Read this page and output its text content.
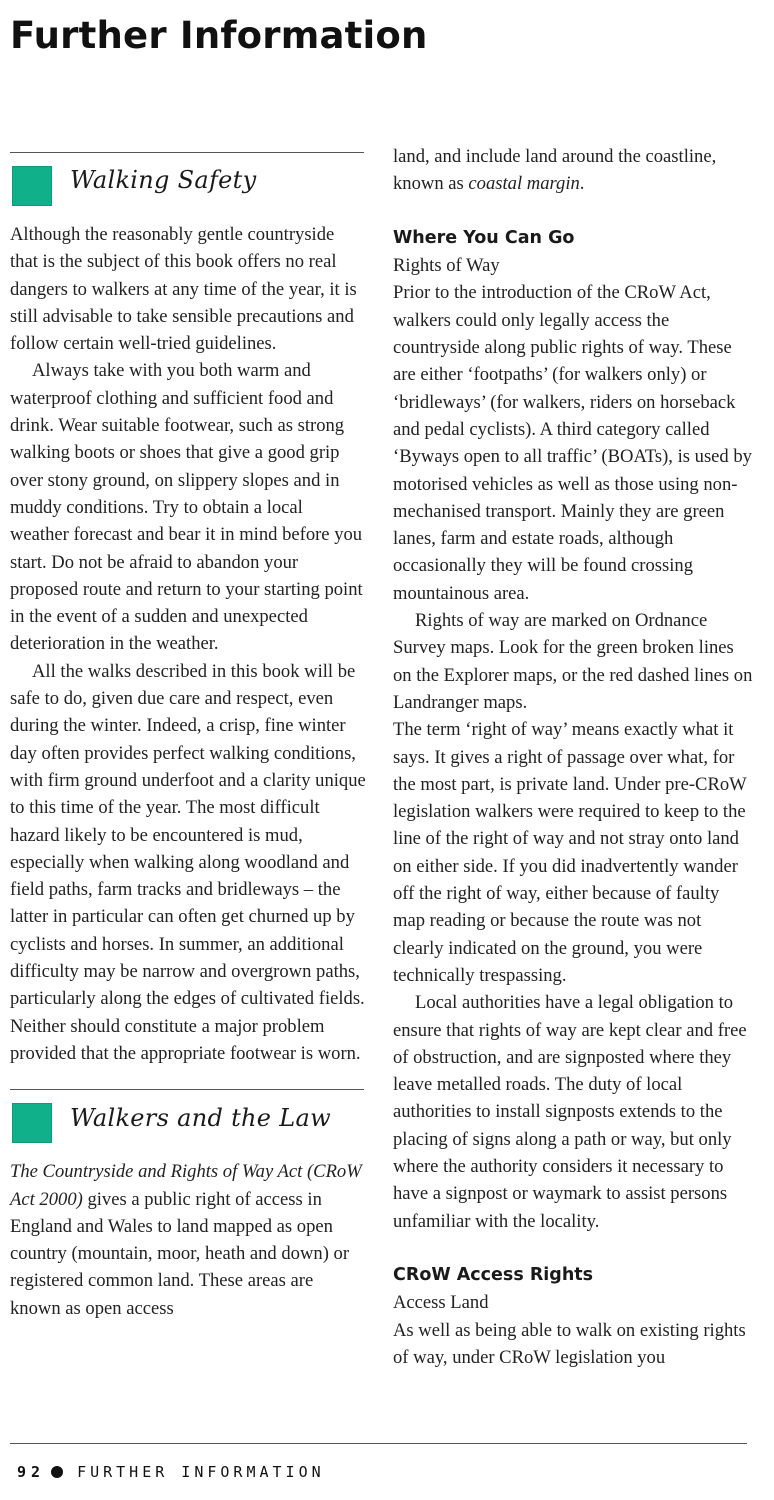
Further Information
Walking Safety

Although the reasonably gentle countryside that is the subject of this book offers no real dangers to walkers at any time of the year, it is still advisable to take sensible precautions and follow certain well-tried guidelines.

Always take with you both warm and waterproof clothing and sufficient food and drink. Wear suitable footwear, such as strong walking boots or shoes that give a good grip over stony ground, on slippery slopes and in muddy conditions. Try to obtain a local weather forecast and bear it in mind before you start. Do not be afraid to abandon your proposed route and return to your starting point in the event of a sudden and unexpected deterioration in the weather.

All the walks described in this book will be safe to do, given due care and respect, even during the winter. Indeed, a crisp, fine winter day often provides perfect walking conditions, with firm ground underfoot and a clarity unique to this time of the year. The most difficult hazard likely to be encountered is mud, especially when walking along woodland and field paths, farm tracks and bridleways – the latter in particular can often get churned up by cyclists and horses. In summer, an additional difficulty may be narrow and overgrown paths, particularly along the edges of cultivated fields. Neither should constitute a major problem provided that the appropriate footwear is worn.

Walkers and the Law

The Countryside and Rights of Way Act (CRoW Act 2000) gives a public right of access in England and Wales to land mapped as open country (mountain, moor, heath and down) or registered common land. These areas are known as open access

land, and include land around the coastline, known as coastal margin.

Where You Can Go

Rights of Way

Prior to the introduction of the CRoW Act, walkers could only legally access the countryside along public rights of way. These are either ‘footpaths’ (for walkers only) or ‘bridleways’ (for walkers, riders on horseback and pedal cyclists). A third category called ‘Byways open to all traffic’ (BOATs), is used by motorised vehicles as well as those using non-mechanised transport. Mainly they are green lanes, farm and estate roads, although occasionally they will be found crossing mountainous area.

Rights of way are marked on Ordnance Survey maps. Look for the green broken lines on the Explorer maps, or the red dashed lines on Landranger maps.

The term ‘right of way’ means exactly what it says. It gives a right of passage over what, for the most part, is private land. Under pre-CRoW legislation walkers were required to keep to the line of the right of way and not stray onto land on either side. If you did inadvertently wander off the right of way, either because of faulty map reading or because the route was not clearly indicated on the ground, you were technically trespassing.

Local authorities have a legal obligation to ensure that rights of way are kept clear and free of obstruction, and are signposted where they leave metalled roads. The duty of local authorities to install signposts extends to the placing of signs along a path or way, but only where the authority considers it necessary to have a signpost or waymark to assist persons unfamiliar with the locality.

CRoW Access Rights

Access Land

As well as being able to walk on existing rights of way, under CRoW legislation you

92 FURTHER INFORMATION
